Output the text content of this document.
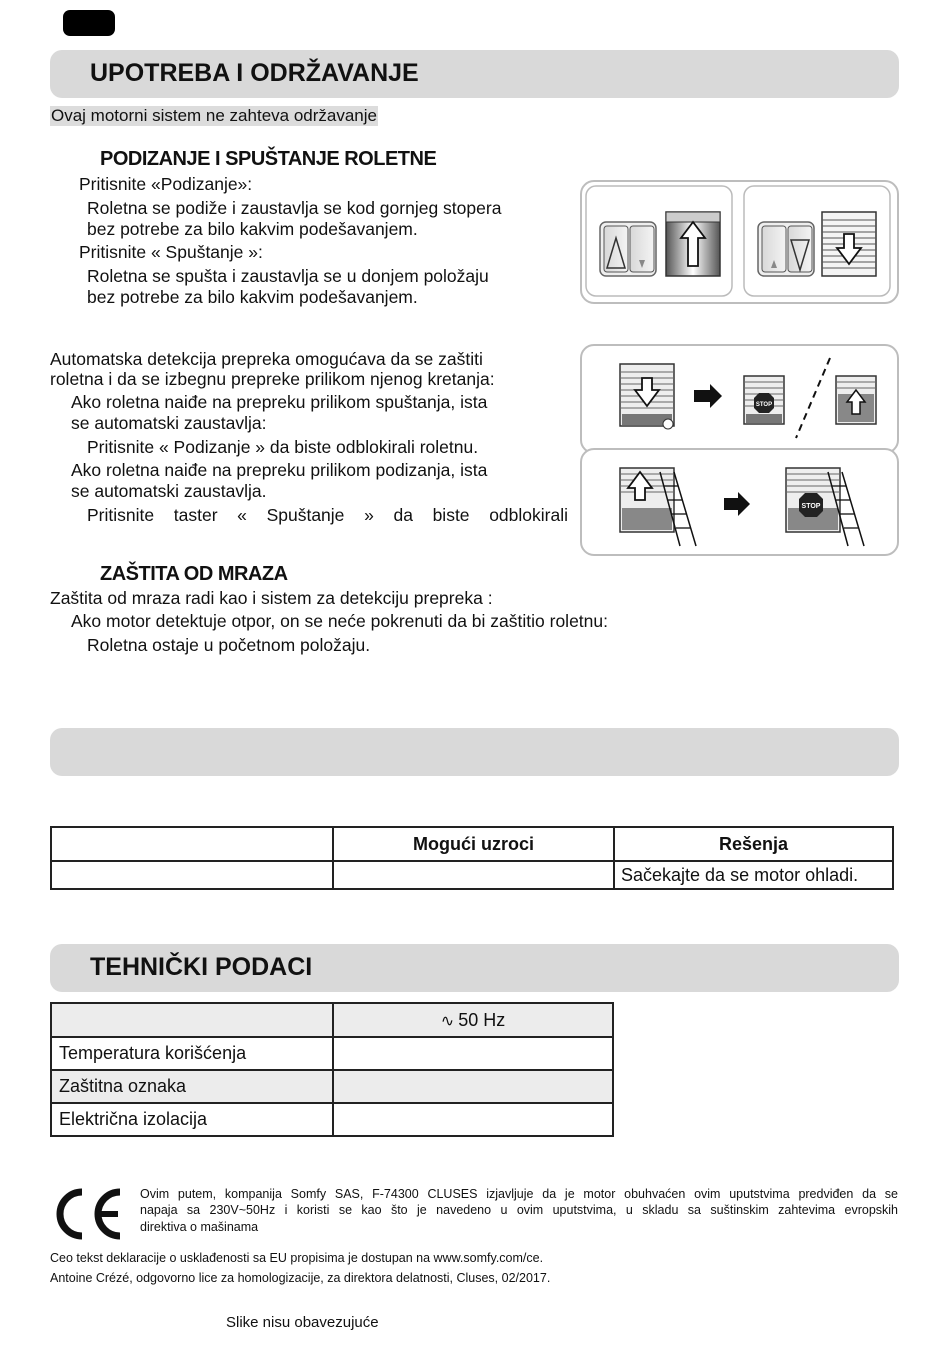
UPOTREBA I ODRŽAVANJE
Ovaj motorni sistem ne zahteva održavanje
PODIZANJE I SPUŠTANJE ROLETNE
Pritisnite «Podizanje»:
Roletna se podiže i zaustavlja se kod gornjeg stopera
bez potrebe za bilo kakvim podešavanjem.
Pritisnite « Spuštanje »:
Roletna se spušta i zaustavlja se u donjem položaju
bez potrebe za bilo kakvim podešavanjem.
Automatska detekcija prepreka omogućava da se zaštiti
roletna i da se izbegnu prepreke prilikom njenog kretanja:
Ako roletna naiđe na prepreku prilikom spuštanja, ista
se automatski zaustavlja:
Pritisnite « Podizanje » da biste odblokirali roletnu.
Ako roletna naiđe na prepreku prilikom podizanja, ista
se automatski zaustavlja.
Pritisnite taster « Spuštanje » da biste odblokirali
STOP
STOP
ZAŠTITA OD MRAZA
Zaštita od mraza radi kao i sistem za detekciju prepreka :
Ako motor detektuje otpor, on se neće pokrenuti da bi zaštitio roletnu:
Roletna ostaje u početnom položaju.
	Mogući uzroci	Rešenja
		Sačekajte da se motor ohladi.
TEHNIČKI PODACI
	∿ 50 Hz
Temperatura korišćenja	
Zaštitna oznaka	
Električna izolacija	
Ovim putem, kompanija Somfy SAS, F-74300 CLUSES izjavljuje da je motor obuhvaćen ovim uputstvima predviđen da se
napaja sa 230V~50Hz i koristi se kao što je navedeno u ovim uputstvima, u skladu sa suštinskim zahtevima evropskih
direktiva o mašinama
Ceo tekst deklaracije o usklađenosti sa EU propisima je dostupan na www.somfy.com/ce.
Antoine Crézé, odgovorno lice za homologizacije, za direktora delatnosti, Cluses, 02/2017.
Slike nisu obavezujuće
